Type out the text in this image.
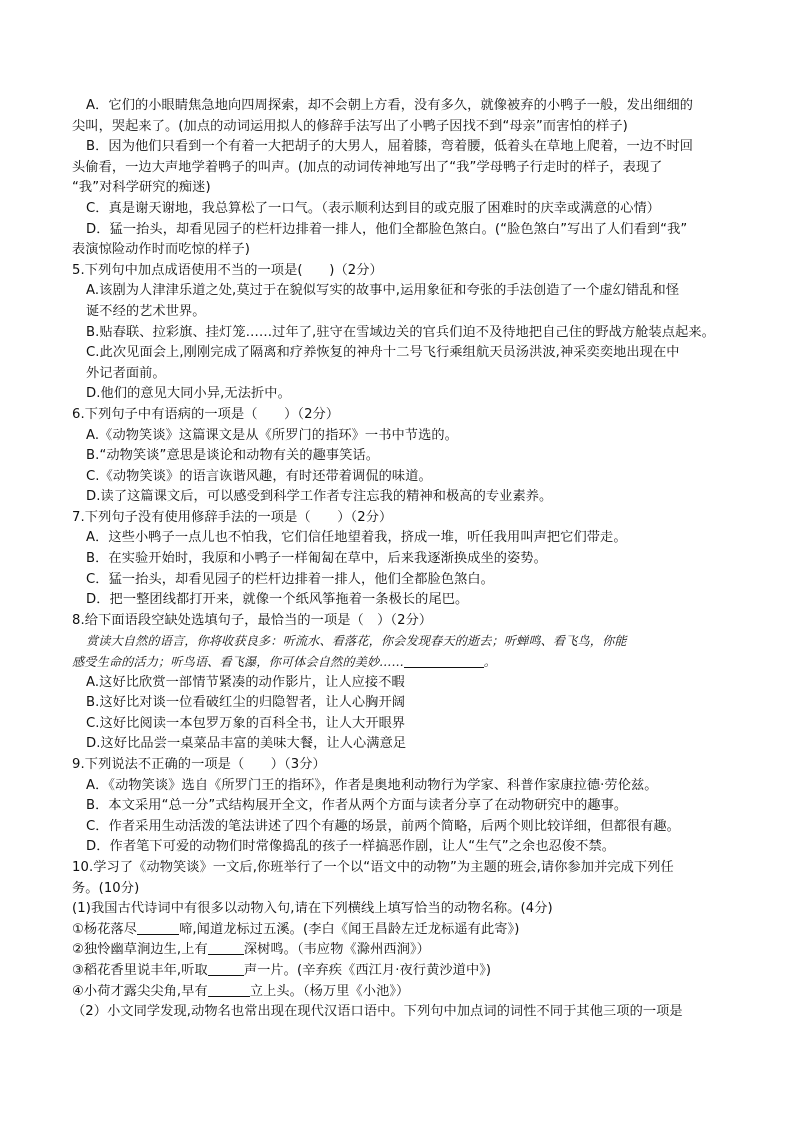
A．它们的小眼睛焦急地向四周探索，却不会朝上方看，没有多久，就像被弃的小鸭子一般，发出细细的
尖叫，哭起来了。(加点的动词运用拟人的修辞手法写出了小鸭子因找不到“母亲”而害怕的样子)
B．因为他们只看到一个有着一大把胡子的大男人，屈着膝，弯着腰，低着头在草地上爬着，一边不时回
头偷看，一边大声地学着鸭子的叫声。(加点的动词传神地写出了“我”学母鸭子行走时的样子，表现了
“我”对科学研究的痴迷)
C．真是谢天谢地，我总算松了一口气。（表示顺利达到目的或克服了困难时的庆幸或满意的心情）
D．猛一抬头，却看见园子的栏杆边排着一排人，他们全都脸色煞白。(“脸色煞白”写出了人们看到“我”
表演惊险动作时而吃惊的样子)
5.下列句中加点成语使用不当的一项是(　　)（2分）
A.该剧为人津津乐道之处,莫过于在貌似写实的故事中,运用象征和夸张的手法创造了一个虚幻错乱和怪
诞不经的艺术世界。
B.贴春联、拉彩旗、挂灯笼……过年了,驻守在雪域边关的官兵们迫不及待地把自己住的野战方舱装点起来。
C.此次见面会上,刚刚完成了隔离和疗养恢复的神舟十二号飞行乘组航天员汤洪波,神采奕奕地出现在中
外记者面前。
D.他们的意见大同小异,无法折中。
6.下列句子中有语病的一项是（　　）（2分）
A.《动物笑谈》这篇课文是从《所罗门的指环》一书中节选的。
B.“动物笑谈”意思是谈论和动物有关的趣事笑话。
C.《动物笑谈》的语言诙谐风趣，有时还带着调侃的味道。
D.读了这篇课文后，可以感受到科学工作者专注忘我的精神和极高的专业素养。
7.下列句子没有使用修辞手法的一项是（　　）（2分）
A．这些小鸭子一点儿也不怕我，它们信任地望着我，挤成一堆，听任我用叫声把它们带走。
B．在实验开始时，我原和小鸭子一样匍匐在草中，后来我逐渐换成坐的姿势。
C．猛一抬头，却看见园子的栏杆边排着一排人，他们全都脸色煞白。
D．把一整团线都打开来，就像一个纸风筝拖着一条极长的尾巴。
8.给下面语段空缺处选填句子，最恰当的一项是（　）（2分）
赏读大自然的语言，你将收获良多：听流水、看落花，你会发现春天的逝去；听蝉鸣、看飞鸟，你能
感受生命的活力；听鸟语、看飞瀑，你可体会自然的美妙……	。
A.这好比欣赏一部情节紧凑的动作影片，让人应接不暇
B.这好比对谈一位看破红尘的归隐智者，让人心胸开阔
C.这好比阅读一本包罗万象的百科全书，让人大开眼界
D.这好比品尝一桌菜品丰富的美味大餐，让人心满意足
9.下列说法不正确的一项是（　　）（3分）
A．《动物笑谈》选自《所罗门王的指环》，作者是奥地利动物行为学家、科普作家康拉德·劳伦兹。
B．本文采用“总一分”式结构展开全文，作者从两个方面与读者分享了在动物研究中的趣事。
C．作者采用生动活泼的笔法讲述了四个有趣的场景，前两个简略，后两个则比较详细，但都很有趣。
D．作者笔下可爱的动物们时常像捣乱的孩子一样搞恶作剧，让人“生气”之余也忍俊不禁。
10.学习了《动物笑谈》一文后,你班举行了一个以“语文中的动物”为主题的班会,请你参加并完成下列任
务。(10分)
(1)我国古代诗词中有很多以动物入句,请在下列横线上填写恰当的动物名称。(4分)
①杨花落尽	啼,闻道龙标过五溪。(李白《闻王昌龄左迁龙标遥有此寄》)
②独怜幽草涧边生,上有	深树鸣。（韦应物《滁州西涧》）
③稻花香里说丰年,听取	声一片。(辛弃疾《西江月·夜行黄沙道中》)
④小荷才露尖尖角,早有	立上头。（杨万里《小池》）
（2）小文同学发现,动物名也常出现在现代汉语口语中。下列句中加点词的词性不同于其他三项的一项是
